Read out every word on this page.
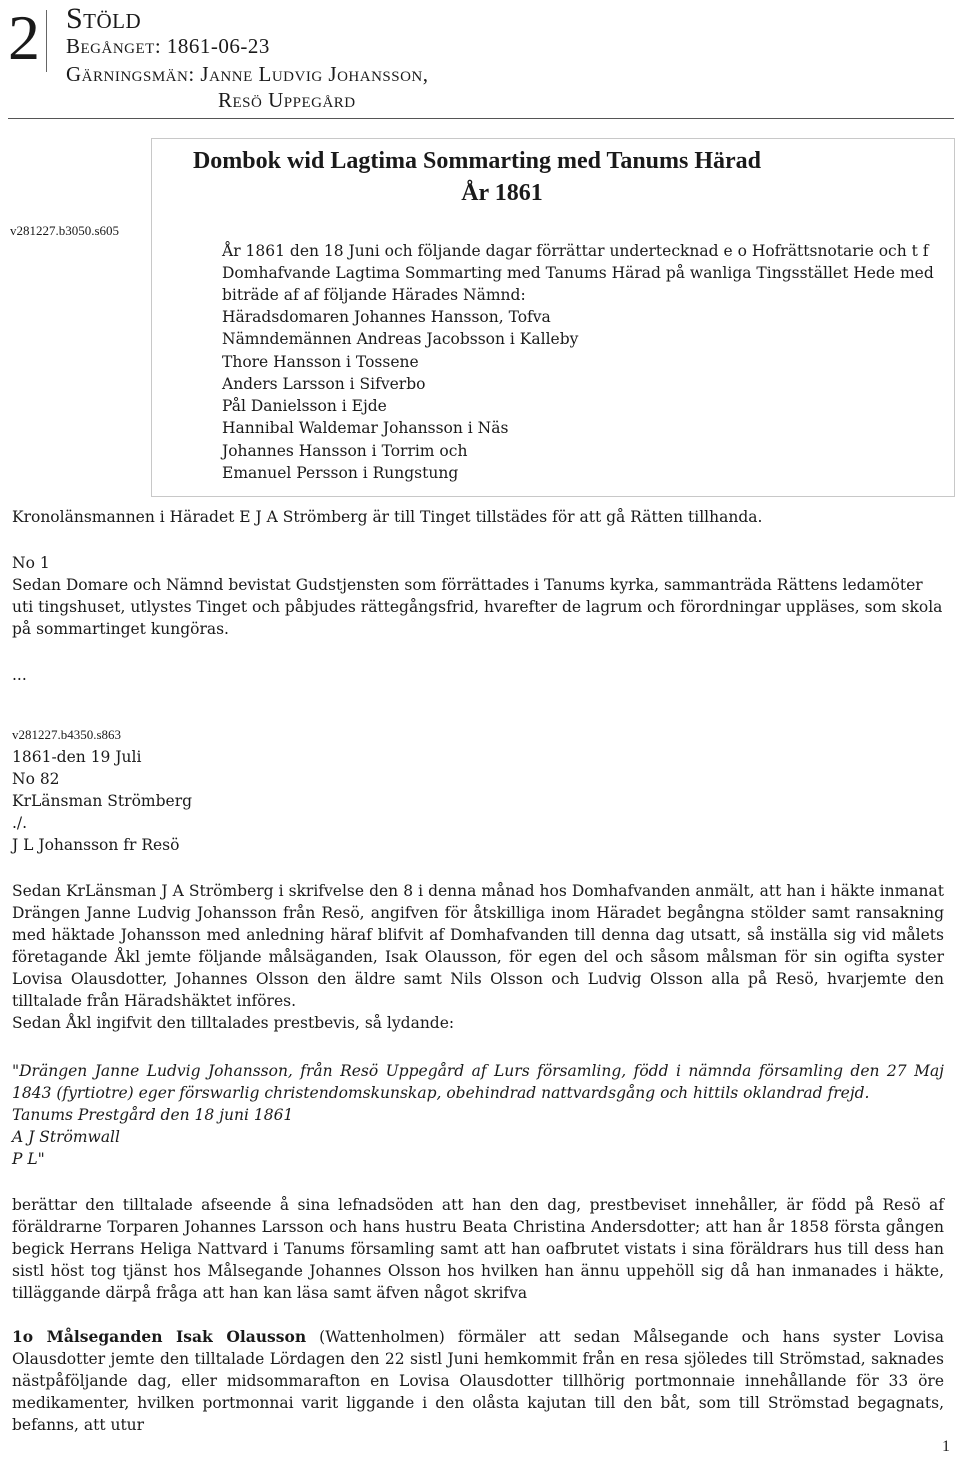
2 Stöld
Begånget: 1861-06-23
Gärningsmän: Janne Ludvig Johansson,
Resö Uppegård
v281227.b3050.s605
Dombok wid Lagtima Sommarting med Tanums Härad
År 1861

År 1861 den 18 Juni och följande dagar förrättar undertecknad e o Hofrättsnotarie och t f Domhafvande Lagtima Sommarting med Tanums Härad på wanliga Tingsstället Hede med biträde af af följande Härades Nämnd:

Häradsdomaren Johannes Hansson, Tofva
Nämndemännen Andreas Jacobsson i Kalleby
Thore Hansson i Tossene
Anders Larsson i Sifverbo
Pål Danielsson i Ejde
Hannibal Waldemar Johansson i Näs
Johannes Hansson i Torrim och
Emanuel Persson i Rungstung

Kronolänsmannen i Häradet E J A Strömberg är till Tinget tillstädes för att gå Rätten tillhanda.

No 1

Sedan Domare och Nämnd bevistat Gudstjensten som förrättades i Tanums kyrka, sammanträda Rättens ledamöter uti tingshuset, utlystes Tinget och påbjudes rättegångsfrid, hvarefter de lagrum och förordningar uppläses, som skola på sommartinget kungöras.

...

v281227.b4350.s863

1861-den 19 Juli

No 82

KrLänsman Strömberg

./.

J L Johansson fr Resö

Sedan KrLänsman J A Strömberg i skrifvelse den 8 i denna månad hos Domhafvanden anmält, att han i häkte inmanat Drängen Janne Ludvig Johansson från Resö, angifven för åtskilliga inom Häradet begångna stölder samt ransakning med häktade Johansson med anledning häraf blifvit af Domhafvanden till denna dag utsatt, så inställa sig vid målets företagande Åkl jemte följande målsäganden, Isak Olausson, för egen del och såsom målsman för sin ogifta syster Lovisa Olausdotter, Johannes Olsson den äldre samt Nils Olsson och Ludvig Olsson alla på Resö, hvarjemte den tilltalade från Häradshäktet införes.

Sedan Åkl ingifvit den tilltalades prestbevis, så lydande:

"Drängen Janne Ludvig Johansson, från Resö Uppegård af Lurs församling, född i nämnda församling den 27 Maj 1843 (fyrtiotre) eger förswarlig christendomskunskap, obehindrad nattvardsgång och hittils oklandrad frejd.

Tanums Prestgård den 18 juni 1861

A J Strömwall

P L"

berättar den tilltalade afseende å sina lefnadsöden att han den dag, prestbeviset innehåller, är född på Resö af föräldrarne Torparen Johannes Larsson och hans hustru Beata Christina Andersdotter; att han år 1858 första gången begick Herrans Heliga Nattvard i Tanums församling samt att han oafbrutet vistats i sina föräldrars hus till dess han sistl höst tog tjänst hos Målsegande Johannes Olsson hos hvilken han ännu uppehöll sig då han inmanades i häkte, tilläggande därpå fråga att han kan läsa samt äfven något skrifva

1o Målseganden Isak Olausson (Wattenholmen) förmäler att sedan Målsegande och hans syster Lovisa Olausdotter jemte den tilltalade Lördagen den 22 sistl Juni hemkommit från en resa sjöledes till Strömstad, saknades nästpåföljande dag, eller midsommarafton en Lovisa Olausdotter tillhörig portmonnaie innehållande för 33 öre medikamenter, hvilken portmonnai varit liggande i den olåsta kajutan till den båt, som till Strömstad begagnats, befanns, att utur

1
